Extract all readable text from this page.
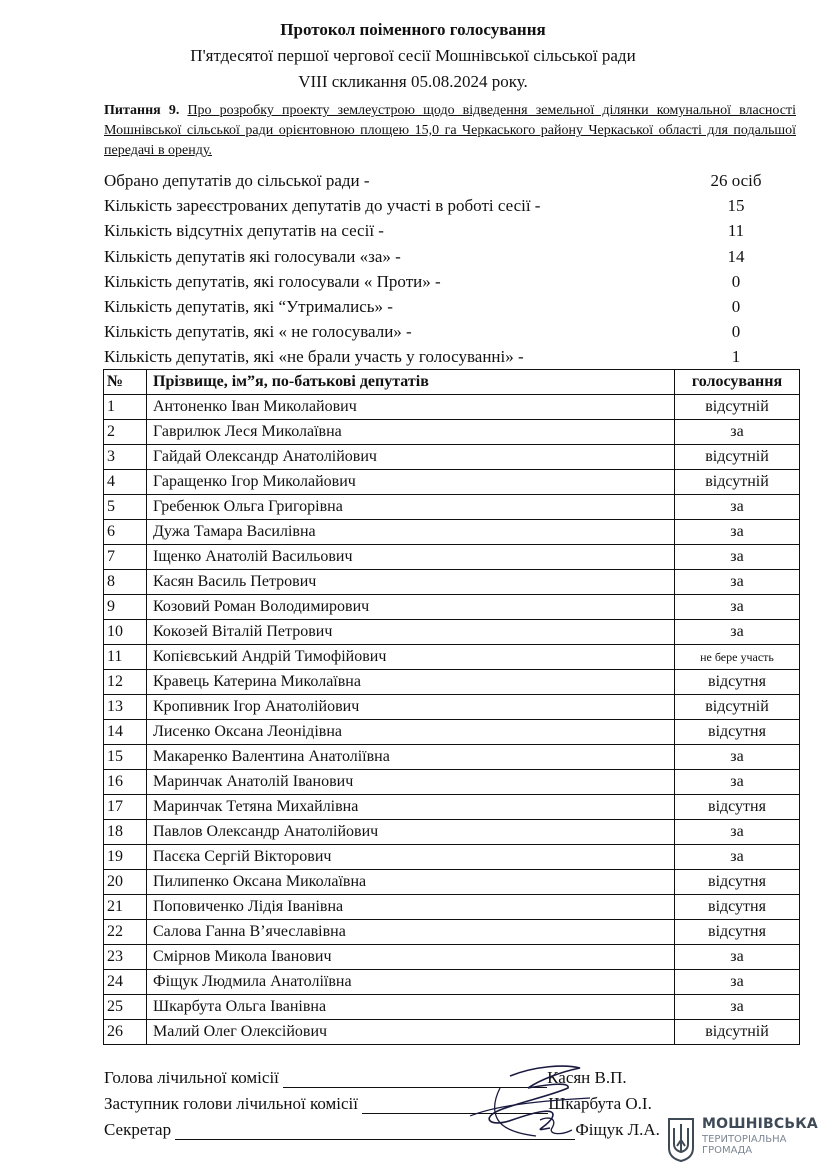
Протокол поіменного голосування
П'ятдесятої першої чергової сесії Мошнівської сільської ради
VIII скликання 05.08.2024 року.
Питання 9. Про розробку проекту землеустрою щодо відведення земельної ділянки комунальної власності Мошнівської сільської ради орієнтовною площею 15,0 га Черкаського району Черкаської області для подальшої передачі в оренду.
Обрано депутатів до сільської ради -	26 осіб
Кількість зареєстрованих депутатів до участі в роботі сесії -	15
Кількість відсутніх депутатів на сесії -	11
Кількість депутатів які голосували «за» -	14
Кількість депутатів, які голосували « Проти» -	0
Кількість депутатів, які “Утримались» -	0
Кількість депутатів, які « не голосували» -	0
Кількість депутатів, які «не брали участь у голосуванні» -	1
№	Прізвище, ім”я, по-батькові депутатів	голосування
1	Антоненко Іван Миколайович	відсутній
2	Гаврилюк Леся Миколаївна	за
3	Гайдай Олександр Анатолійович	відсутній
4	Гаращенко Ігор Миколайович	відсутній
5	Гребенюк Ольга Григорівна	за
6	Дужа Тамара Василівна	за
7	Іщенко Анатолій Васильович	за
8	Касян Василь Петрович	за
9	Козовий Роман Володимирович	за
10	Кокозей Віталій Петрович	за
11	Копієвський Андрій Тимофійович	не бере участь
12	Кравець Катерина Миколаївна	відсутня
13	Кропивник Ігор Анатолійович	відсутній
14	Лисенко Оксана Леонідівна	відсутня
15	Макаренко Валентина Анатоліївна	за
16	Маринчак Анатолій Іванович	за
17	Маринчак Тетяна Михайлівна	відсутня
18	Павлов Олександр Анатолійович	за
19	Пасєка Сергій Вікторович	за
20	Пилипенко Оксана Миколаївна	відсутня
21	Поповиченко Лідія Іванівна	відсутня
22	Салова Ганна В’ячеславівна	відсутня
23	Смірнов Микола Іванович	за
24	Фіщук Людмила Анатоліївна	за
25	Шкарбута Ольга Іванівна	за
26	Малий Олег Олексійович	відсутній
Голова лічильної комісії	Касян В.П.
Заступник голови лічильної комісії	Шкарбута О.І.
Секретар	Фіщук Л.А.	МОШНІВСЬКА
ТЕРИТОРІАЛЬНА
ГРОМАДА
